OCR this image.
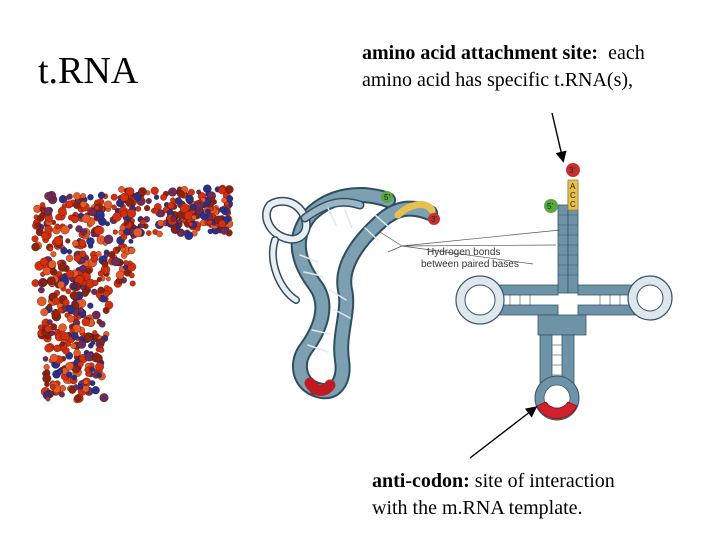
t.RNA	amino acid attachment site:  each
amino acid has specific t.RNA(s),
5'
3'
A
C
C
3'
5'
Hydrogen bonds
between paired bases
anti-codon: site of interaction
with the m.RNA template.
